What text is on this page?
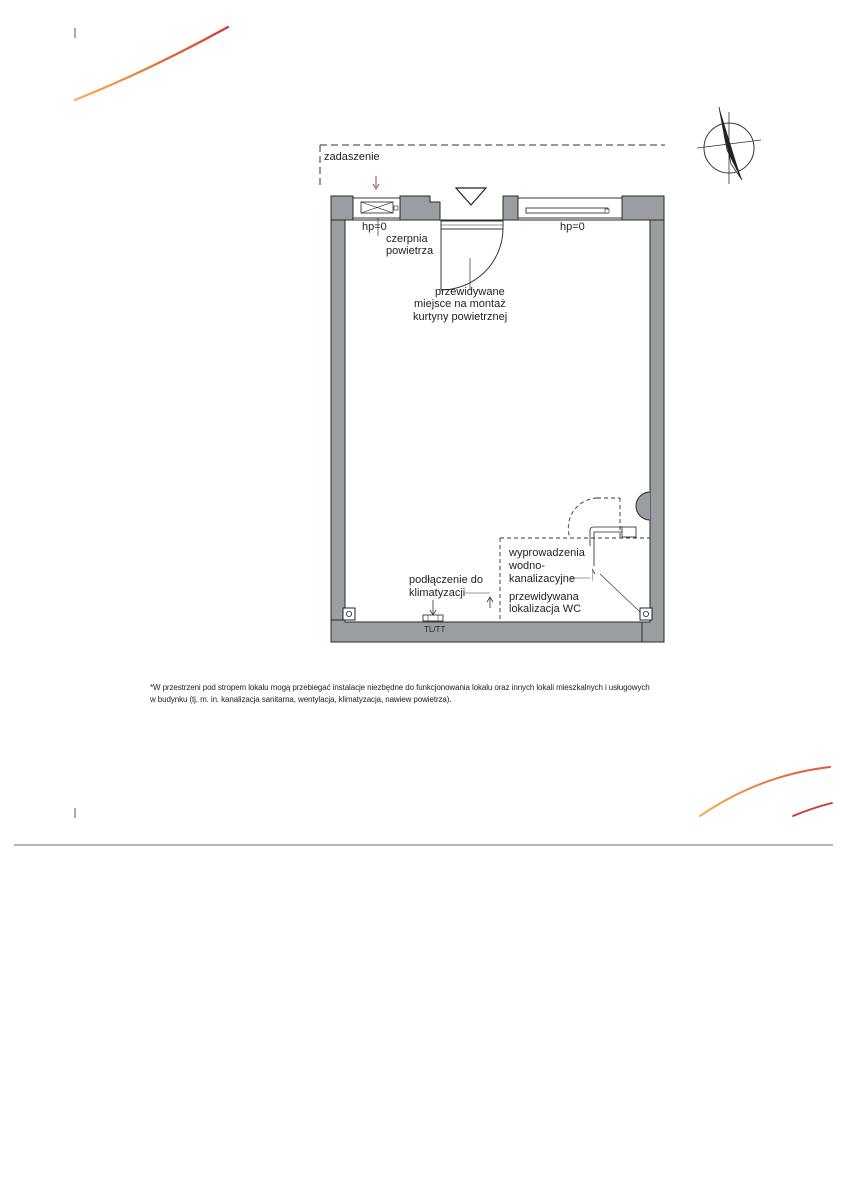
zadaszenie
hp=0
czerpnia
powietrza
hp=0
przewidywane
miejsce na montaż
kurtyny powietrznej
wyprowadzenia
wodno-
kanalizacyjne
przewidywana
lokalizacja WC
podłączenie do
klimatyzacji
TL/TT
*W przestrzeni pod stropem lokalu mogą przebiegać instalacje niezbędne do funkcjonowania lokalu oraz innych lokali mieszkalnych i usługowych
w budynku (tj. m. in. kanalizacja sanitarna, wentylacja, klimatyzacja, nawiew powietrza).
